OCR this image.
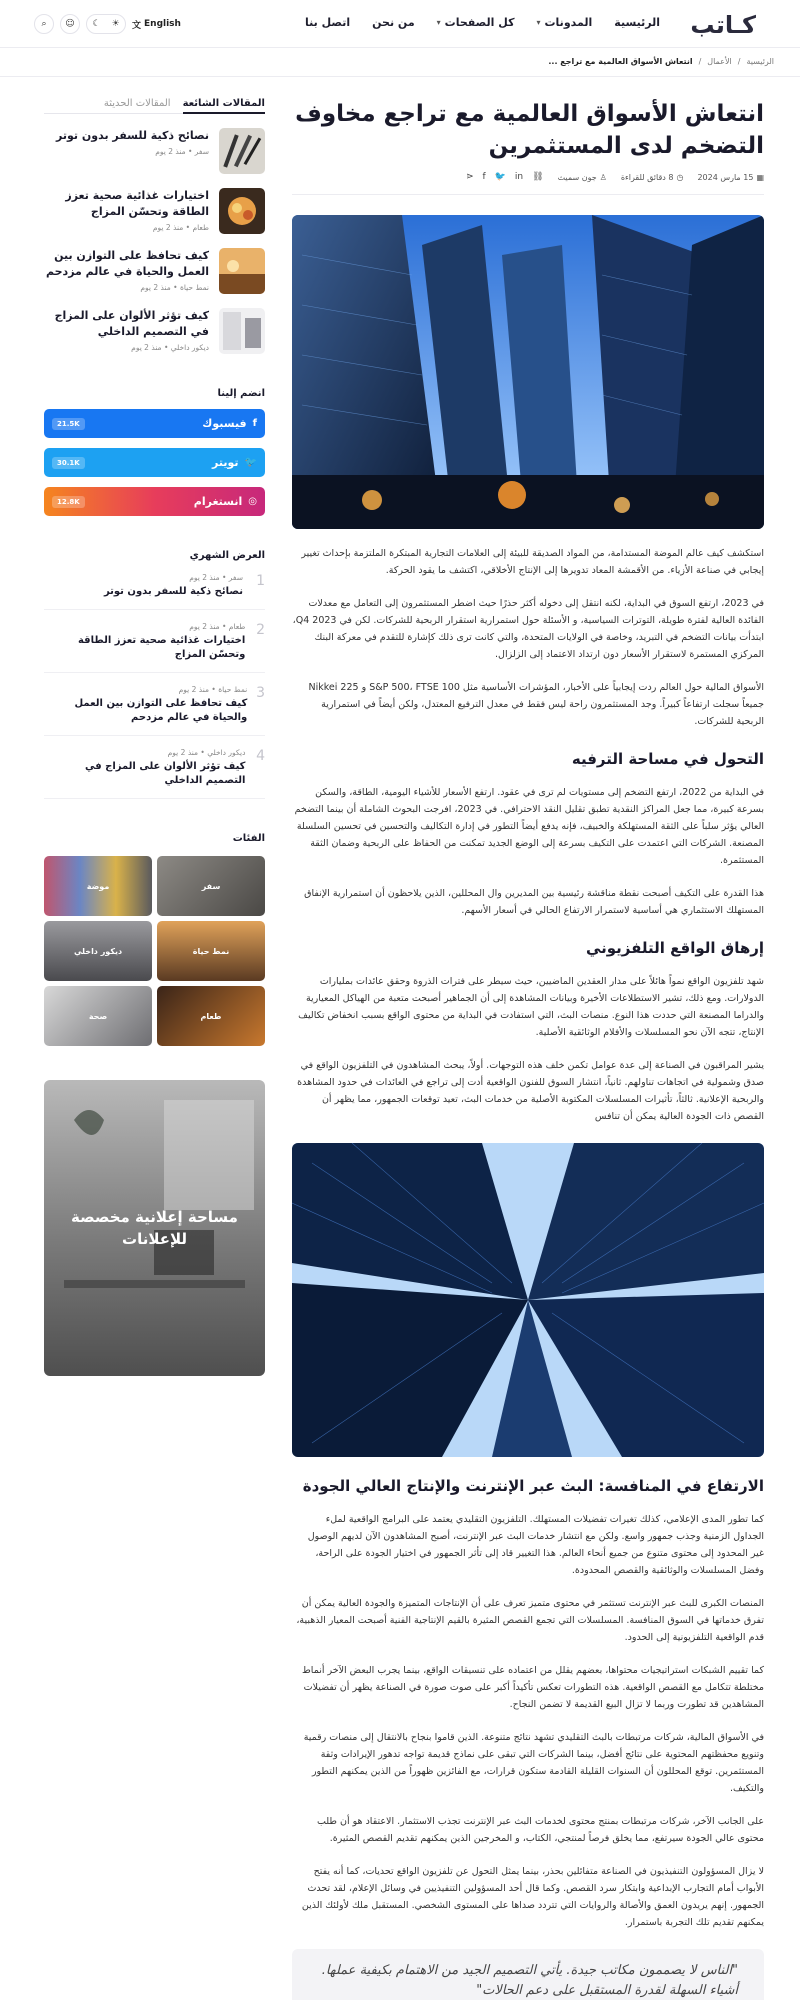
كـاتب
الرئيسية
المدونات
▾
كل الصفحات
▾
من نحن
اتصل بنا
⌕	☺	☾ ☀ 文 English
الرئيسية
/
الأعمال
/
انتعاش الأسواق العالمية مع تراجع ...
انتعاش الأسواق العالمية مع تراجع مخاوف التضخم لدى المستثمرين
▦
15 مارس 2024
◷
8 دقائق للقراءة
♙
جون سميث
⛓
in
🐦
f
⋖

استكشف كيف عالم الموضة المستدامة، من المواد الصديقة للبيئة إلى العلامات التجارية المبتكرة الملتزمة بإحداث تغيير إيجابي في صناعة الأزياء. من الأقمشة المعاد تدويرها إلى الإنتاج الأخلاقي، اكتشف ما يقود الحركة.

في 2023، ارتفع السوق في البداية، لكنه انتقل إلى دخوله أكثر حذرًا حيث اضطر المستثمرون إلى التعامل مع معدلات الفائدة العالية لفترة طويلة، التوترات السياسية، و الأسئلة حول استمرارية استقرار الربحية للشركات. لكن في Q4 2023، ابتدأت بيانات التضخم في التبريد، وخاصة في الولايات المتحدة، والتي كانت ترى ذلك كإشارة للتقدم في معركة البنك المركزي المستمرة لاستقرار الأسعار دون ارتداد الاعتماد إلى الزلزال.

الأسواق المالية حول العالم ردت إيجابياً على الأخبار، المؤشرات الأساسية مثل S&P 500، FTSE 100 و Nikkei 225 جميعاً سجلت ارتفاعاً كبيراً. وجد المستثمرون راحة ليس فقط في معدل الترفيع المعتدل، ولكن أيضاً في استمرارية الربحية للشركات.

التحول في مساحة الترفيه

في البداية من 2022، ارتفع التضخم إلى مستويات لم ترى في عقود. ارتفع الأسعار للأشياء اليومية، الطاقة، والسكن بسرعة كبيرة، مما جعل المراكز النقدية تطبق تقليل النقد الاحترافي. في 2023، افرجت البحوث الشاملة أن بينما التضخم العالي يؤثر سلباً على الثقة المستهلكة والخبيف، فإنه يدفع أيضاً التطور في إدارة التكاليف والتحسين في تحسين السلسلة المصنعة. الشركات التي اعتمدت على التكيف بسرعة إلى الوضع الجديد تمكنت من الحفاظ على الربحية وضمان الثقة المستثمرة.

هذا القدرة على التكيف أصبحت نقطة مناقشة رئيسية بين المديرين وال المحللين، الذين يلاحظون أن استمرارية الإنفاق المستهلك الاستثماري هي أساسية لاستمرار الارتفاع الحالي في أسعار الأسهم.

إرهاق الواقع التلفزيوني

شهد تلفزيون الواقع نمواً هائلاً على مدار العقدين الماضيين، حيث سيطر على فترات الذروة وحقق عائدات بمليارات الدولارات. ومع ذلك، تشير الاستطلاعات الأخيرة وبيانات المشاهدة إلى أن الجماهير أصبحت متعبة من الهياكل المعيارية والدراما المصنعة التي حددت هذا النوع. منصات البث، التي استفادت في البداية من محتوى الواقع بسبب انخفاض تكاليف الإنتاج، تتجه الآن نحو المسلسلات والأفلام الوثائقية الأصلية.

يشير المراقبون في الصناعة إلى عدة عوامل تكمن خلف هذه التوجهات. أولاً، يبحث المشاهدون في التلفزيون الواقع في صدق وشمولية في اتجاهات تناولهم. ثانياً، انتشار السوق للفنون الواقعية أدت إلى تراجع في العائدات في حدود المشاهدة والربحية الإعلانية. ثالثاً، تأثيرات المسلسلات المكتوبة الأصلية من خدمات البث، تعيد توقعات الجمهور، مما يظهر أن القصص ذات الجودة العالية يمكن أن تنافس

الارتفاع في المنافسة: البث عبر الإنترنت والإنتاج العالي الجودة

كما تطور المدى الإعلامي، كذلك تغيرات تفضيلات المستهلك. التلفزيون التقليدي يعتمد على البرامج الواقعية لملء الجداول الزمنية وجذب جمهور واسع. ولكن مع انتشار خدمات البث عبر الإنترنت، أصبح المشاهدون الآن لديهم الوصول غير المحدود إلى محتوى متنوع من جميع أنحاء العالم. هذا التغيير قاد إلى تأثر الجمهور في اختيار الجودة على الراحة، وفضل المسلسلات والوثائقية والقصص المحدودة.

المنصات الكبرى للبث عبر الإنترنت تستثمر في محتوى متميز تعرف على أن الإنتاجات المتميزة والجودة العالية يمكن أن تفرق خدماتها في السوق المنافسة. المسلسلات التي تجمع القصص المثيرة بالقيم الإنتاجية الفنية أصبحت المعيار الذهبية، قدم الواقعية التلفزيونية إلى الحدود.

كما تقييم الشبكات استراتيجيات محتواها، بعضهم يقلل من اعتماده على تنسيقات الواقع، بينما يجرب البعض الآخر أنماط مختلطة تتكامل مع القصص الواقعية. هذه التطورات تعكس تأكيداً أكبر على صوت صورة في الصناعة يظهر أن تفضيلات المشاهدين قد تطورت وربما لا تزال البيع القديمة لا تضمن النجاح.

في الأسواق المالية، شركات مرتبطات بالبث التقليدي تشهد نتائج متنوعة. الذين قاموا بنجاح بالانتقال إلى منصات رقمية وتنويع محفظتهم المحتوية على نتائج أفضل، بينما الشركات التي تبقى على نماذج قديمة تواجه تدهور الإيرادات وثقة المستثمرين. توقع المحللون أن السنوات القليلة القادمة ستكون قرارات، مع الفائزين ظهوراً من الذين يمكنهم التطور والتكيف.

على الجانب الآخر، شركات مرتبطات بمنتج محتوى لخدمات البث عبر الإنترنت تجذب الاستثمار. الاعتقاد هو أن طلب محتوى عالي الجودة سيرتفع، مما يخلق فرصاً لمنتجي، الكتاب، و المخرجين الذين يمكنهم تقديم القصص المثيرة.

لا يزال المسؤولون التنفيذيون في الصناعة متفائلين بحذر، بينما يمثل التحول عن تلفزيون الواقع تحديات، كما أنه يفتح الأبواب أمام التجارب الإبداعية وابتكار سرد القصص. وكما قال أحد المسؤولين التنفيذيين في وسائل الإعلام، لقد تحدث الجمهور. إنهم يريدون العمق والأصالة والروايات التي تتردد صداها على المستوى الشخصي. المستقبل ملك لأولئك الذين يمكنهم تقديم تلك التجربة باستمرار.

"الناس لا يصممون مكاتب جيدة. يأتي التصميم الجيد من الاهتمام بكيفية عملها. أشياء السهلة لقدرة المستقبل على دعم الحالات"
المقالات الشائعة
المقالات الحديثة
نصائح ذكية للسفر بدون توتر
سفر • منذ 2 يوم
اختيارات غذائية صحية تعزز الطاقة وتحسّن المزاج
طعام • منذ 2 يوم
كيف تحافظ على التوازن بين العمل والحياة في عالم مزدحم
نمط حياة • منذ 2 يوم
كيف تؤثر الألوان على المزاج في التصميم الداخلي
ديكور داخلي • منذ 2 يوم
انضم إلينا
f
فيسبوك
21.5K
🐦
تويتر
30.1K
◎
انستغرام
12.8K
العرض الشهري
1
سفر • منذ 2 يوم
نصائح ذكية للسفر بدون توتر
2
طعام • منذ 2 يوم
اختيارات غذائية صحية تعزز الطاقة وتحسّن المزاج
3
نمط حياة • منذ 2 يوم
كيف تحافظ على التوازن بين العمل والحياة في عالم مزدحم
4
ديكور داخلي • منذ 2 يوم
كيف تؤثر الألوان على المزاج في التصميم الداخلي
الفئات
سفر
موضة
نمط حياة
ديكور داخلي
طعام
صحة
مساحة إعلانية مخصصة للإعلانات
